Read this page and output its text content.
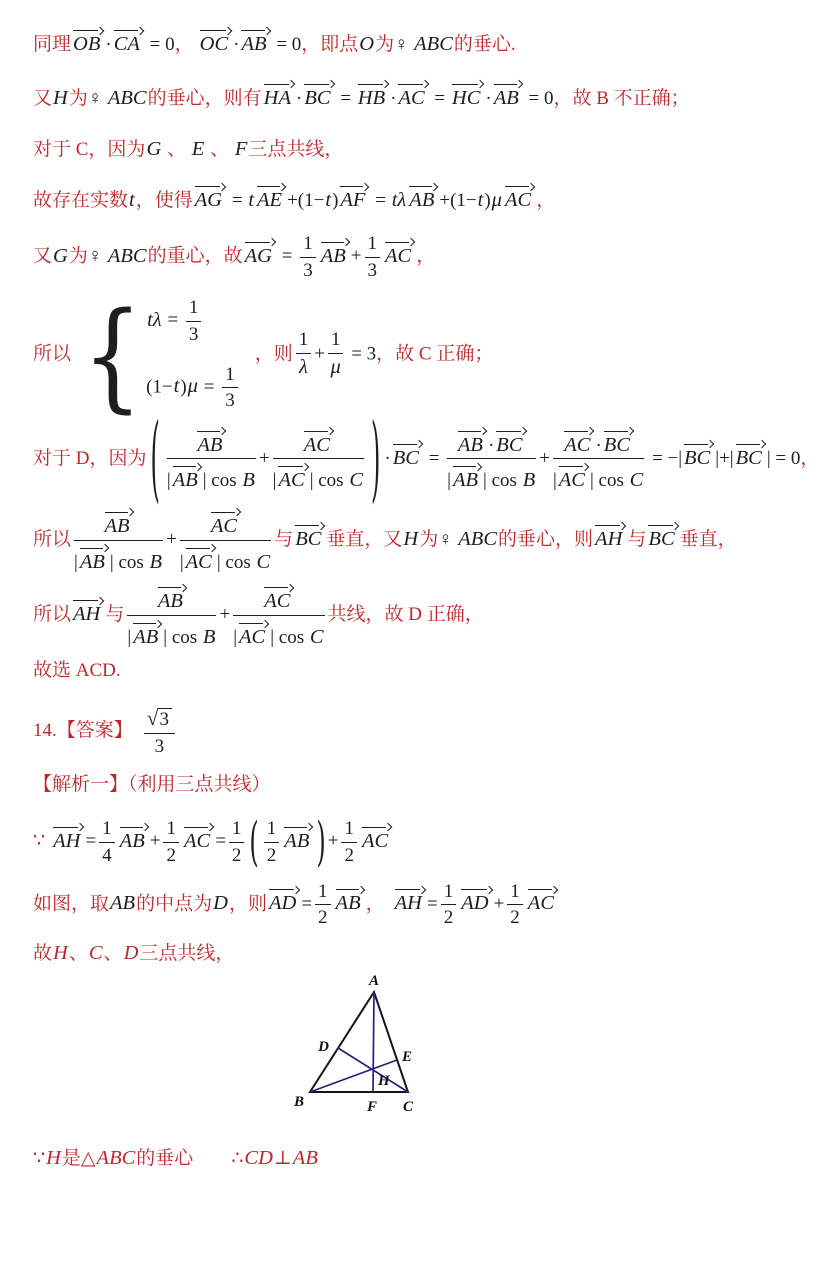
同理OB ·CA = 0， OC ·AB = 0，即点O为♀ ABC的垂心.
又H为♀ ABC的垂心，则有HA ·BC = HB ·AC = HC ·AB = 0，故 B 不正确；
对于 C，因为G 、 E 、 F三点共线，
故存在实数t，使得AG = t AE +(1−t)AF = tλ AB +(1−t)μ AC ，
又G为♀ ABC的重心，故AG = $\frac{1}{3}$ AB + $\frac{1}{3}$ AC ，
所以 { $t\lambda = \frac{1}{3}$
$(1-t)\mu = \frac{1}{3}$
，则 $\frac{1}{\lambda} + \frac{1}{\mu} = 3$，故 C 正确；
对于 D，因为 ( $\frac{AB}{\text{|AB | cos B}} + \frac{AC}{\text{|AC | cos C}}$ ) $\cdot BC = \frac{AB \cdot BC}{\text{|AB | cos B}} + \frac{AC \cdot BC}{\text{|AC | cos C}} = -|BC$ |+|BC | = 0，
所以 $\frac{AB}{\text{|AB | cos B}} + \frac{AC}{\text{|AC | cos C}}$ 与BC 垂直，又H为♀ ABC的垂心，则AH 与BC 垂直，
所以AH 与 $\frac{AB}{\text{|AB | cos B}} + \frac{AC}{\text{|AC | cos C}}$ 共线，故 D 正确，
故选 ACD.
14.【答案】 $\frac{√3}{3}$
【解析一】（利用三点共线）
∵ AH = $\frac{1}{4}$ AB + $\frac{1}{2}$ AC = $\frac{1}{2}$ ( $\frac{1}{2}$ AB ) + $\frac{1}{2}$ AC
如图，取AB的中点为D，则AD = $\frac{1}{2}$ AB ， AH = $\frac{1}{2}$ AD + $\frac{1}{2}$ AC
故H、C、D三点共线，
A
B	C
D
E
F
H
∵H是△ABC的垂心 ∴CD⊥AB
